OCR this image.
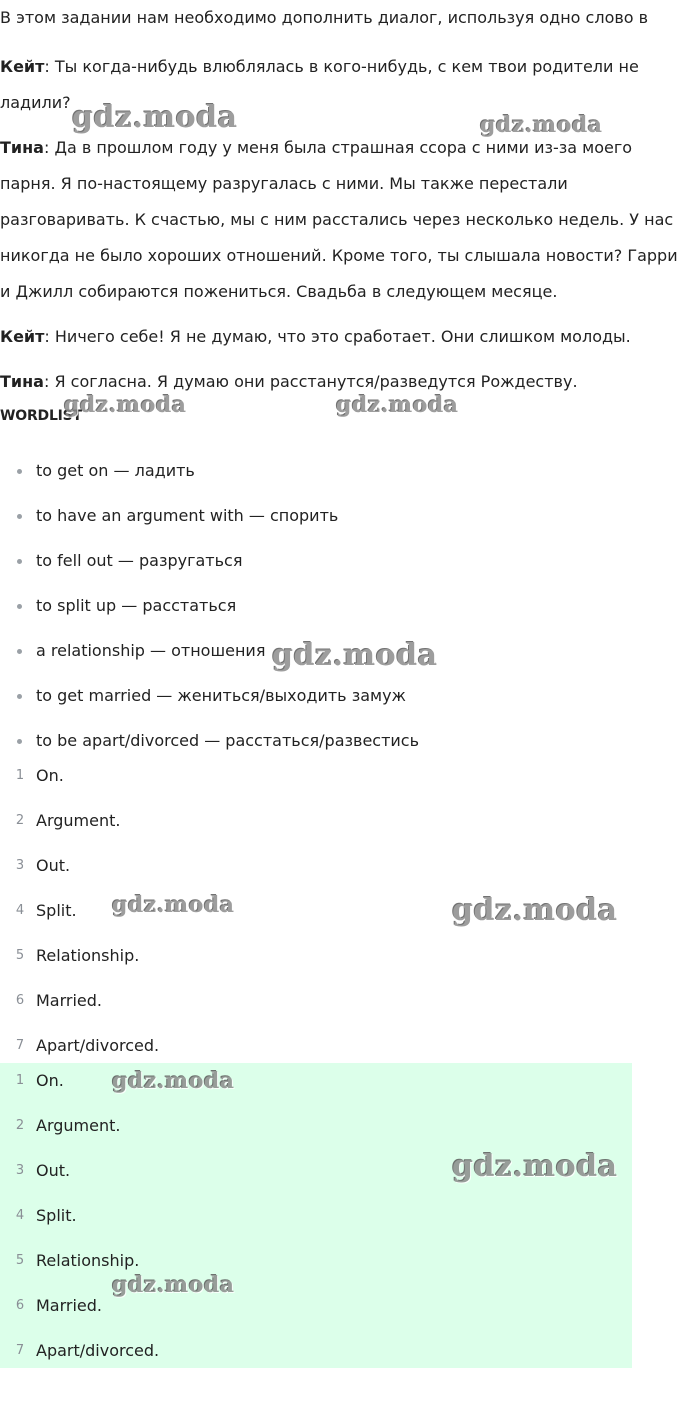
В этом задании нам необходимо дополнить диалог, используя одно слово в

Кейт: Ты когда-нибудь влюблялась в кого-нибудь, с кем твои родители не

ладили?

Тина: Да в прошлом году у меня была страшная ссора с ними из-за моего

парня. Я по-настоящему разругалась с ними. Мы также перестали

разговаривать. К счастью, мы с ним расстались через несколько недель. У нас

никогда не было хороших отношений. Кроме того, ты слышала новости? Гарри

и Джилл собираются пожениться. Свадьба в следующем месяце.

Кейт: Ничего себе! Я не думаю, что это сработает. Они слишком молоды.

Тина: Я согласна. Я думаю они расстанутся/разведутся Рождеству.

WORDLIST
to get on — ладить
to have an argument with — спорить
to fell out — разругаться
to split up — расстаться
a relationship — отношения
to get married — жениться/выходить замуж
to be apart/divorced — расстаться/развестись
1 On.
2 Argument.
3 Out.
4 Split.
5 Relationship.
6 Married.
7 Apart/divorced.
1 On.
2 Argument.
3 Out.
4 Split.
5 Relationship.
6 Married.
7 Apart/divorced.
gdz.moda	gdz.moda
gdz.moda	gdz.moda
gdz.moda
gdz.moda	gdz.moda
gdz.moda
gdz.moda
gdz.moda
